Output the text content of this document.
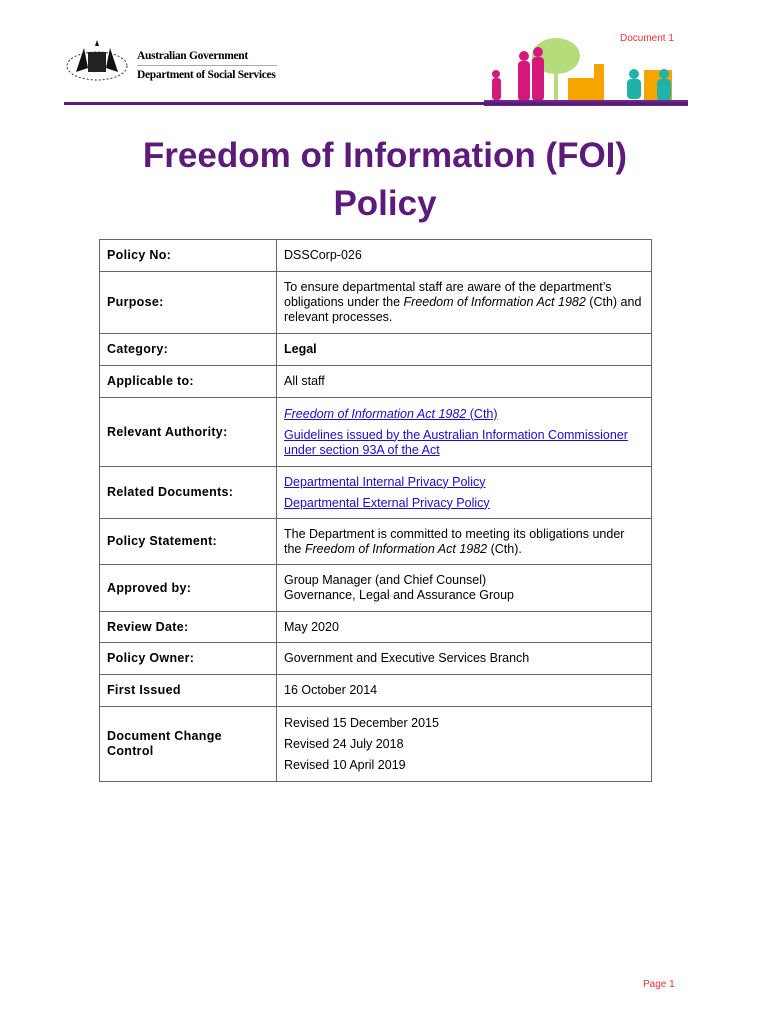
Australian Government
Department of Social Services
Document 1
Freedom of Information (FOI)
Policy
Policy No:	DSSCorp-026
Purpose:	To ensure departmental staff are aware of the department’s obligations under the Freedom of Information Act 1982 (Cth) and relevant processes.
Category:	Legal
Applicable to:	All staff
Relevant Authority:	Freedom of Information Act 1982 (Cth)
Guidelines issued by the Australian Information Commissioner under section 93A of the Act

Related Documents:	Departmental Internal Privacy Policy
Departmental External Privacy Policy

Policy Statement:	The Department is committed to meeting its obligations under the Freedom of Information Act 1982 (Cth).
Approved by:	Group Manager (and Chief Counsel)
Governance, Legal and Assurance Group

Review Date:	May 2020
Policy Owner:	Government and Executive Services Branch
First Issued	16 October 2014
Document Change Control	Revised 15 December 2015
Revised 24 July 2018
Revised 10 April 2019
Page 1
